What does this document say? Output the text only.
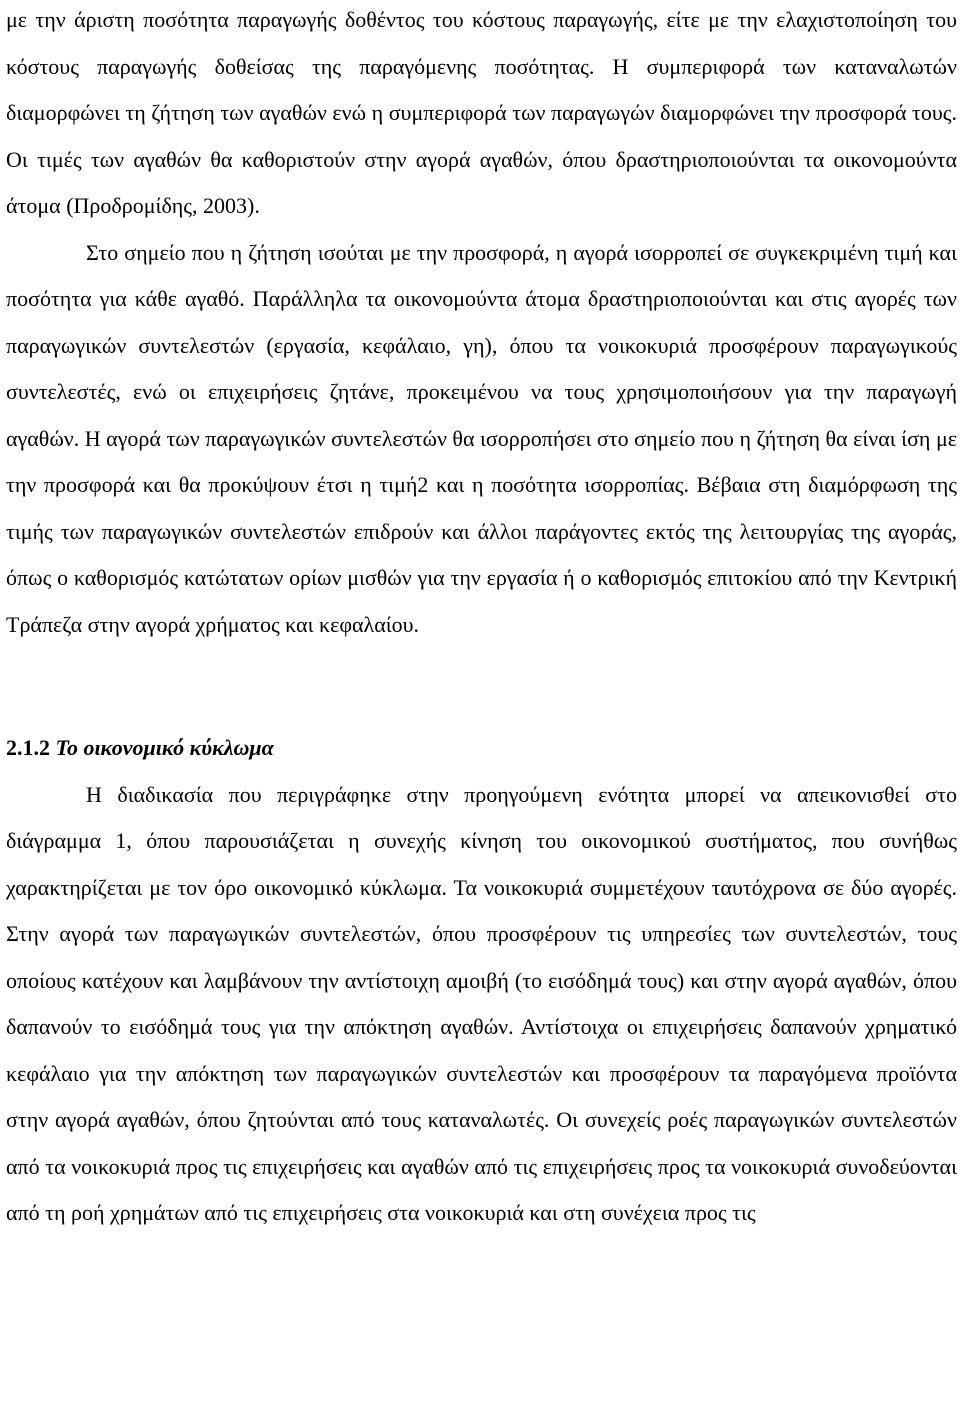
με την άριστη ποσότητα παραγωγής δοθέντος του κόστους παραγωγής, είτε με την ελαχιστοποίηση του κόστους παραγωγής δοθείσας της παραγόμενης ποσότητας. Η συμπεριφορά των καταναλωτών διαμορφώνει τη ζήτηση των αγαθών ενώ η συμπεριφορά των παραγωγών διαμορφώνει την προσφορά τους. Οι τιμές των αγαθών θα καθοριστούν στην αγορά αγαθών, όπου δραστηριοποιούνται τα οικονομούντα άτομα (Προδρομίδης, 2003).

Στο σημείο που η ζήτηση ισούται με την προσφορά, η αγορά ισορροπεί σε συγκεκριμένη τιμή και ποσότητα για κάθε αγαθό. Παράλληλα τα οικονομούντα άτομα δραστηριοποιούνται και στις αγορές των παραγωγικών συντελεστών (εργασία, κεφάλαιο, γη), όπου τα νοικοκυριά προσφέρουν παραγωγικούς συντελεστές, ενώ οι επιχειρήσεις ζητάνε, προκειμένου να τους χρησιμοποιήσουν για την παραγωγή αγαθών. Η αγορά των παραγωγικών συντελεστών θα ισορροπήσει στο σημείο που η ζήτηση θα είναι ίση με την προσφορά και θα προκύψουν έτσι η τιμή2 και η ποσότητα ισορροπίας. Βέβαια στη διαμόρφωση της τιμής των παραγωγικών συντελεστών επιδρούν και άλλοι παράγοντες εκτός της λειτουργίας της αγοράς, όπως ο καθορισμός κατώτατων ορίων μισθών για την εργασία ή ο καθορισμός επιτοκίου από την Κεντρική Τράπεζα στην αγορά χρήματος και κεφαλαίου.

2.1.2 Το οικονομικό κύκλωμα

Η διαδικασία που περιγράφηκε στην προηγούμενη ενότητα μπορεί να απεικονισθεί στο διάγραμμα 1, όπου παρουσιάζεται η συνεχής κίνηση του οικονομικού συστήματος, που συνήθως χαρακτηρίζεται με τον όρο οικονομικό κύκλωμα. Τα νοικοκυριά συμμετέχουν ταυτόχρονα σε δύο αγορές. Στην αγορά των παραγωγικών συντελεστών, όπου προσφέρουν τις υπηρεσίες των συντελεστών, τους οποίους κατέχουν και λαμβάνουν την αντίστοιχη αμοιβή (το εισόδημά τους) και στην αγορά αγαθών, όπου δαπανούν το εισόδημά τους για την απόκτηση αγαθών. Αντίστοιχα οι επιχειρήσεις δαπανούν χρηματικό κεφάλαιο για την απόκτηση των παραγωγικών συντελεστών και προσφέρουν τα παραγόμενα προϊόντα στην αγορά αγαθών, όπου ζητούνται από τους καταναλωτές. Οι συνεχείς ροές παραγωγικών συντελεστών από τα νοικοκυριά προς τις επιχειρήσεις και αγαθών από τις επιχειρήσεις προς τα νοικοκυριά συνοδεύονται από τη ροή χρημάτων από τις επιχειρήσεις στα νοικοκυριά και στη συνέχεια προς τις
